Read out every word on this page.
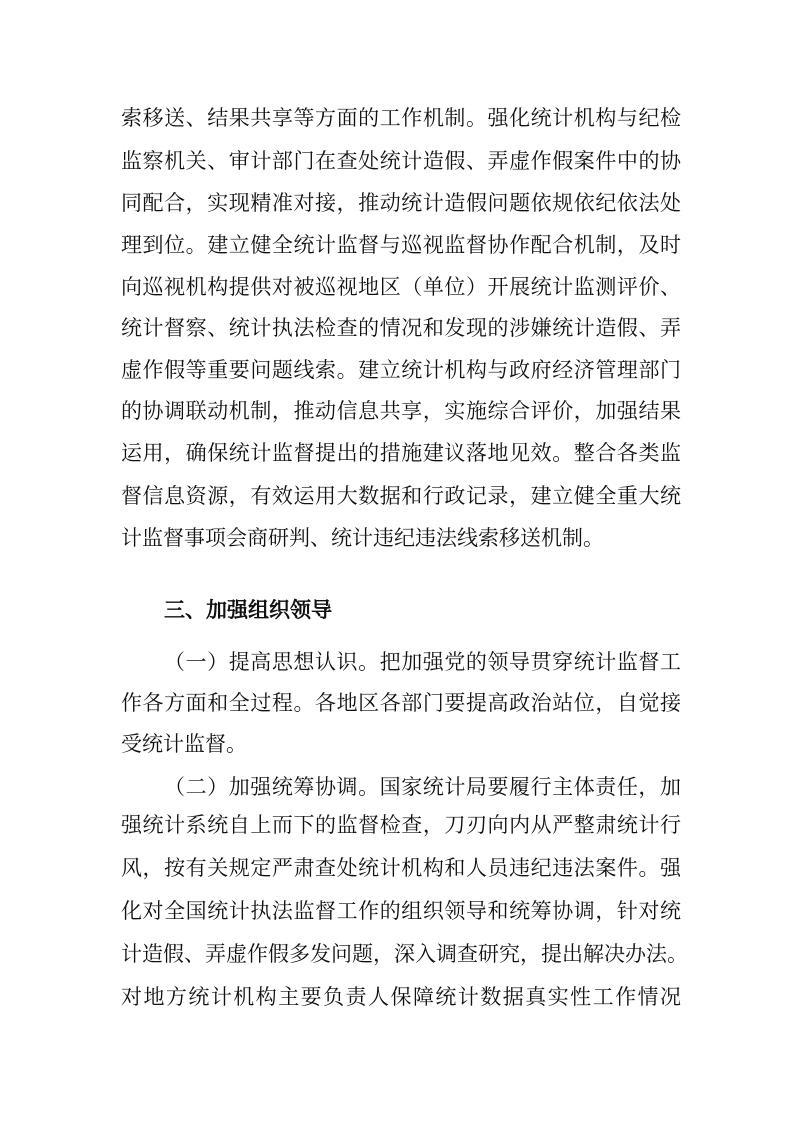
索移送、结果共享等方面的工作机制。强化统计机构与纪检
监察机关、审计部门在查处统计造假、弄虚作假案件中的协
同配合，实现精准对接，推动统计造假问题依规依纪依法处
理到位。建立健全统计监督与巡视监督协作配合机制，及时
向巡视机构提供对被巡视地区（单位）开展统计监测评价、
统计督察、统计执法检查的情况和发现的涉嫌统计造假、弄
虚作假等重要问题线索。建立统计机构与政府经济管理部门
的协调联动机制，推动信息共享，实施综合评价，加强结果
运用，确保统计监督提出的措施建议落地见效。整合各类监
督信息资源，有效运用大数据和行政记录，建立健全重大统
计监督事项会商研判、统计违纪违法线索移送机制。
三、加强组织领导
（一）提高思想认识。把加强党的领导贯穿统计监督工
作各方面和全过程。各地区各部门要提高政治站位，自觉接
受统计监督。
（二）加强统筹协调。国家统计局要履行主体责任，加
强统计系统自上而下的监督检查，刀刃向内从严整肃统计行
风，按有关规定严肃查处统计机构和人员违纪违法案件。强
化对全国统计执法监督工作的组织领导和统筹协调，针对统
计造假、弄虚作假多发问题，深入调查研究，提出解决办法。
对地方统计机构主要负责人保障统计数据真实性工作情况
